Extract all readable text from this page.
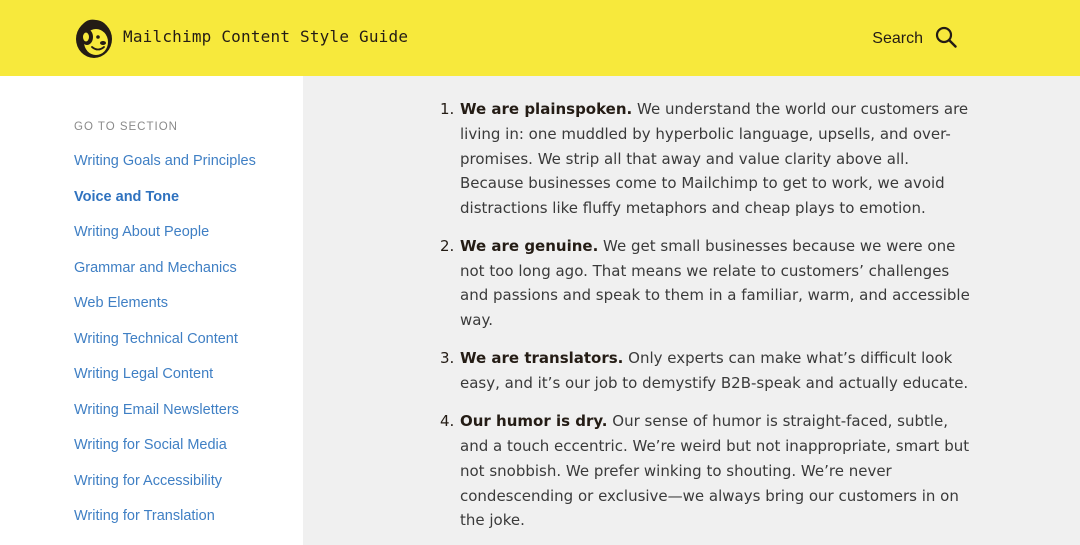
Mailchimp Content Style Guide	Search
GO TO SECTION
Writing Goals and Principles
Voice and Tone
Writing About People
Grammar and Mechanics
Web Elements
Writing Technical Content
Writing Legal Content
Writing Email Newsletters
Writing for Social Media
Writing for Accessibility
Writing for Translation
1. We are plainspoken. We understand the world our customers are
living in: one muddled by hyperbolic language, upsells, and over-
promises. We strip all that away and value clarity above all.
Because businesses come to Mailchimp to get to work, we avoid
distractions like fluffy metaphors and cheap plays to emotion.
2. We are genuine. We get small businesses because we were one
not too long ago. That means we relate to customers’ challenges
and passions and speak to them in a familiar, warm, and accessible
way.
3. We are translators. Only experts can make what’s difficult look
easy, and it’s our job to demystify B2B-speak and actually educate.
4. Our humor is dry. Our sense of humor is straight-faced, subtle,
and a touch eccentric. We’re weird but not inappropriate, smart but
not snobbish. We prefer winking to shouting. We’re never
condescending or exclusive—we always bring our customers in on
the joke.
